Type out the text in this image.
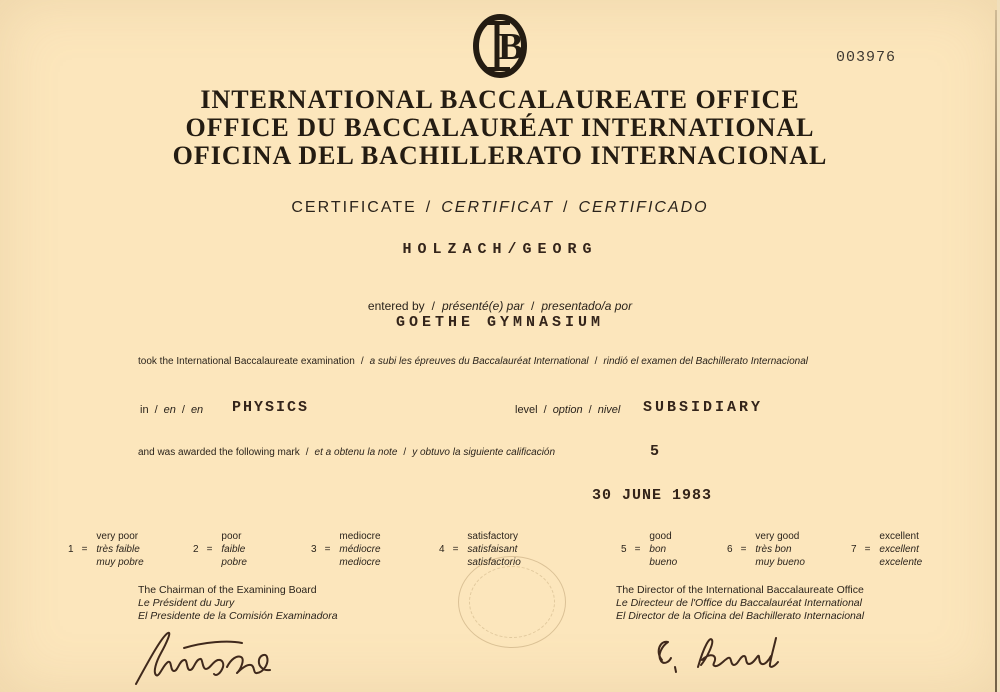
B	003976
INTERNATIONAL BACCALAUREATE OFFICE
OFFICE DU BACCALAURÉAT INTERNATIONAL
OFICINA DEL BACHILLERATO INTERNACIONAL
CERTIFICATE / CERTIFICAT / CERTIFICADO
HOLZACH/GEORG
entered by / présenté(e) par / presentado/a por
GOETHE GYMNASIUM
took the International Baccalaureate examination / a subi les épreuves du Baccalauréat International / rindió el examen del Bachillerato Internacional
in / en / en PHYSICS	level / option / nivel SUBSIDIARY
and was awarded the following mark / et a obtenu la note / y obtuvo la siguiente calificación	5
30 JUNE 1983
1 =
very poor
très faible
muy pobre
2 =
poor
faible
pobre
3 =
mediocre
médiocre
mediocre
4 =
satisfactory
satisfaisant
satisfactorio
5 =
good
bon
bueno
6 =
very good
très bon
muy bueno
7 =
excellent
excellent
excelente
The Chairman of the Examining Board
Le Président du Jury
El Presidente de la Comisión Examinadora
The Director of the International Baccalaureate Office
Le Directeur de l'Office du Baccalauréat International
El Director de la Oficina del Bachillerato Internacional
